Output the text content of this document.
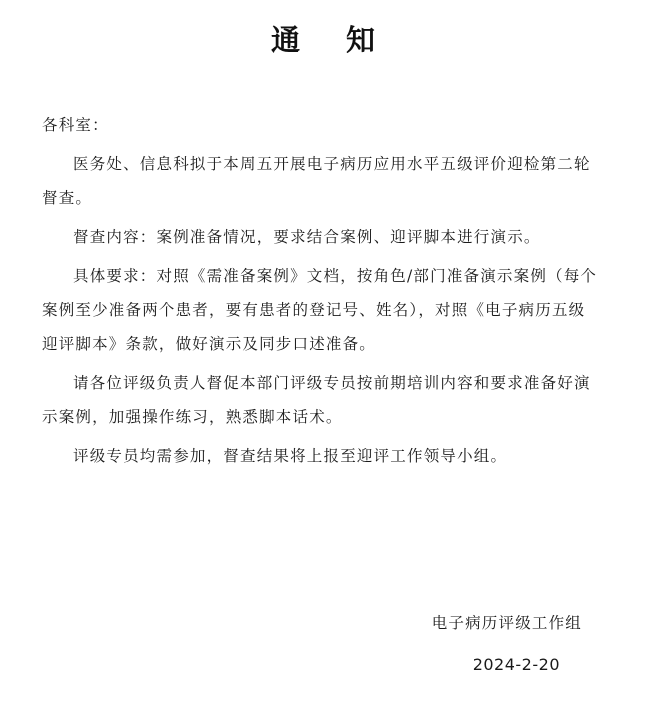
通 知

各科室：

医务处、信息科拟于本周五开展电子病历应用水平五级评价迎检第二轮督查。

督查内容：案例准备情况，要求结合案例、迎评脚本进行演示。

具体要求：对照《需准备案例》文档，按角色/部门准备演示案例（每个案例至少准备两个患者，要有患者的登记号、姓名），对照《电子病历五级迎评脚本》条款，做好演示及同步口述准备。

请各位评级负责人督促本部门评级专员按前期培训内容和要求准备好演示案例，加强操作练习，熟悉脚本话术。

评级专员均需参加，督查结果将上报至迎评工作领导小组。

电子病历评级工作组
2024-2-20
